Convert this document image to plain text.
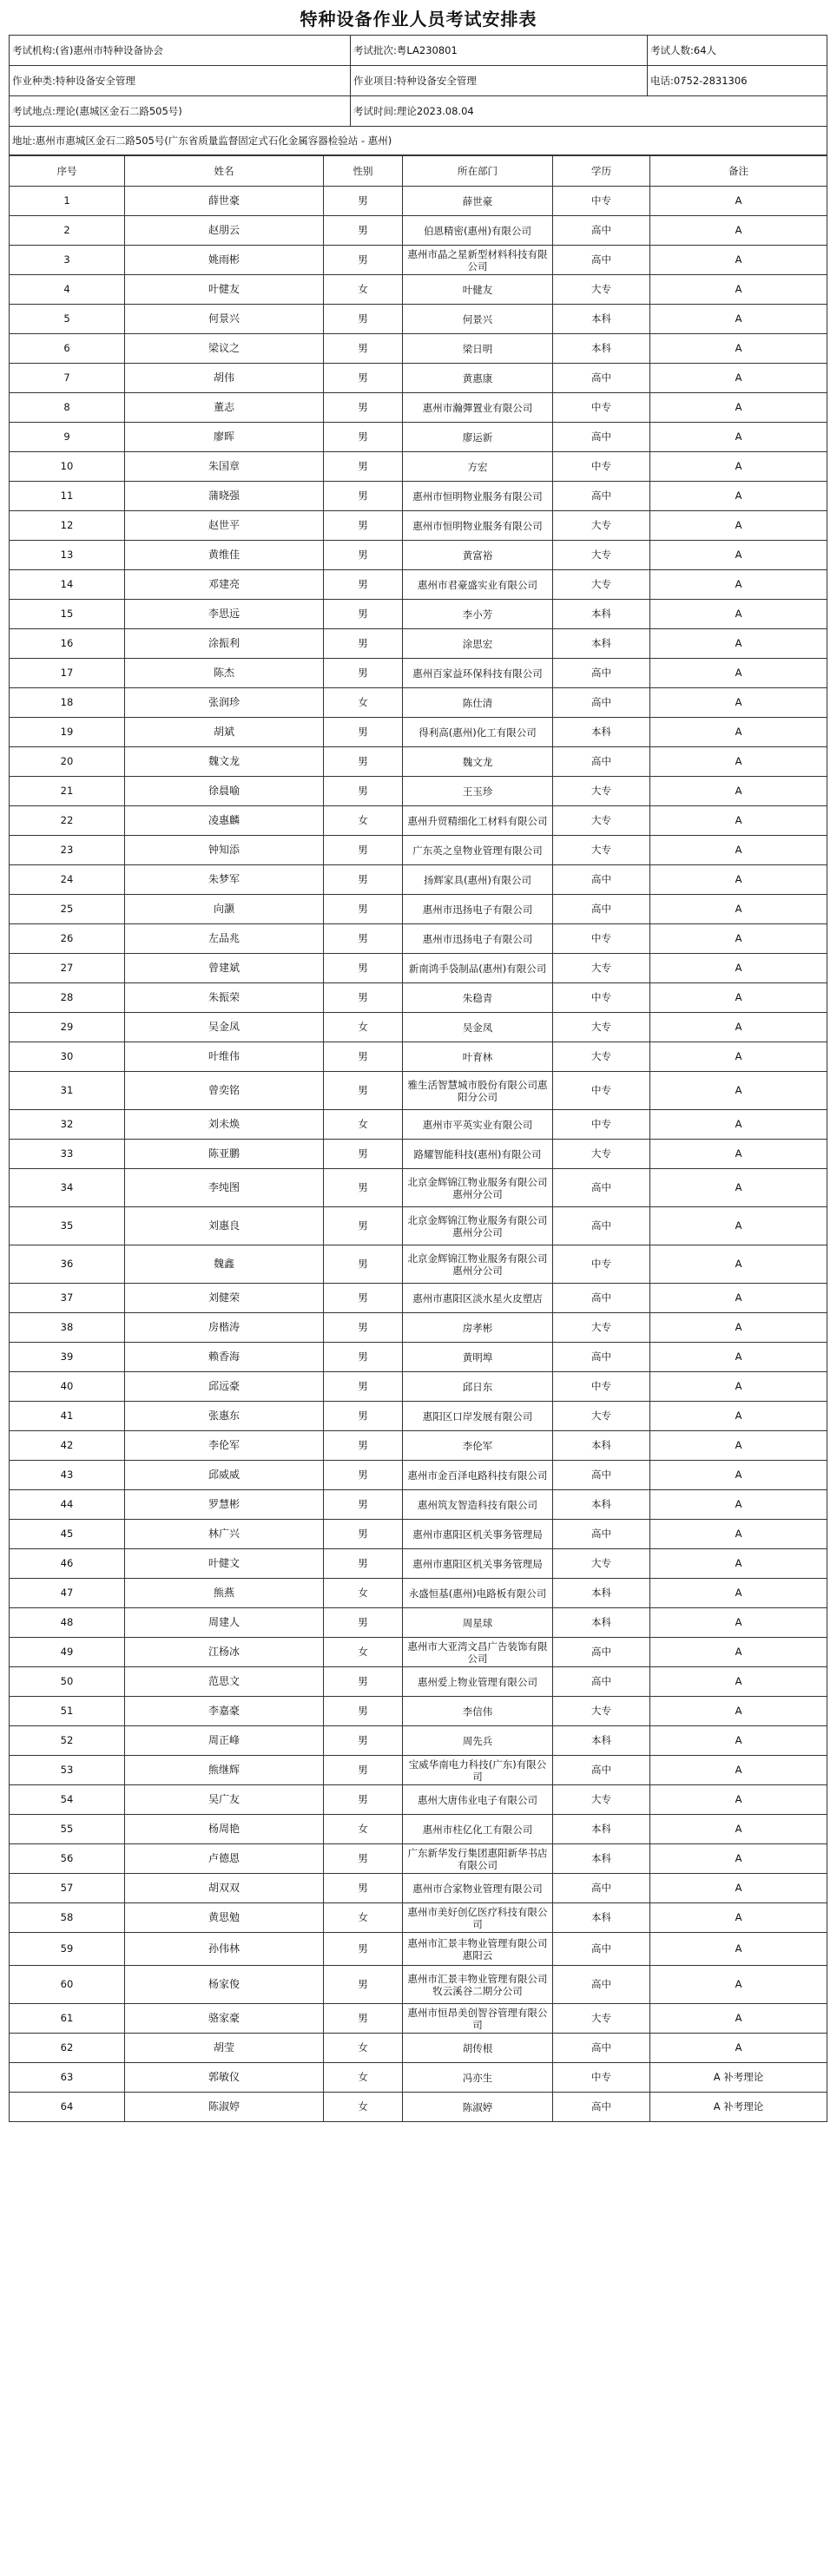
特种设备作业人员考试安排表
考试机构:(省)惠州市特种设备协会	考试批次:粤LA230801	考试人数:64人
作业种类:特种设备安全管理	作业项目:特种设备安全管理	电话:0752-2831306
考试地点:理论(惠城区金石二路505号)	考试时间:理论2023.08.04	
地址:惠州市惠城区金石二路505号(广东省质量监督固定式石化金属容器检验站 - 惠州)		
序号	姓名	性别	所在部门	学历	备注
1	薛世豪	男	薛世豪	中专	A
2	赵朋云	男	伯恩精密(惠州)有限公司	高中	A
3	姚雨彬	男	惠州市晶之星新型材料科技有限公司	高中	A
4	叶健友	女	叶健友	大专	A
5	何景兴	男	何景兴	本科	A
6	梁议之	男	梁日明	本科	A
7	胡伟	男	黄惠康	高中	A
8	董志	男	惠州市瀚彈置业有限公司	中专	A
9	廖晖	男	廖运新	高中	A
10	朱国章	男	方宏	中专	A
11	蒲晓强	男	惠州市恒明物业服务有限公司	高中	A
12	赵世平	男	惠州市恒明物业服务有限公司	大专	A
13	黄维佳	男	黄富裕	大专	A
14	邓建亮	男	惠州市君豪盛实业有限公司	大专	A
15	李思远	男	李小芳	本科	A
16	涂振利	男	涂思宏	本科	A
17	陈杰	男	惠州百家益环保科技有限公司	高中	A
18	张润珍	女	陈仕清	高中	A
19	胡斌	男	得利高(惠州)化工有限公司	本科	A
20	魏文龙	男	魏文龙	高中	A
21	徐晨喻	男	王玉珍	大专	A
22	凌惠麟	女	惠州升贸精细化工材料有限公司	大专	A
23	钟知添	男	广东英之皇物业管理有限公司	大专	A
24	朱梦军	男	扬辉家具(惠州)有限公司	高中	A
25	向灏	男	惠州市迅扬电子有限公司	高中	A
26	左品兆	男	惠州市迅扬电子有限公司	中专	A
27	曾建斌	男	新南鸿手袋制品(惠州)有限公司	大专	A
28	朱振荣	男	朱稳青	中专	A
29	吴金凤	女	吴金凤	大专	A
30	叶维伟	男	叶育林	大专	A
31	曾奕铭	男	雅生活智慧城市股份有限公司惠阳分公司	中专	A
32	刘未焕	女	惠州市平英实业有限公司	中专	A
33	陈亚鹏	男	路耀智能科技(惠州)有限公司	大专	A
34	李纯图	男	北京金辉锦江物业服务有限公司惠州分公司	高中	A
35	刘惠良	男	北京金辉锦江物业服务有限公司惠州分公司	高中	A
36	魏鑫	男	北京金辉锦江物业服务有限公司惠州分公司	中专	A
37	刘健荣	男	惠州市惠阳区淡水星火皮塑店	高中	A
38	房楷涛	男	房孝彬	大专	A
39	赖香海	男	黄明埠	高中	A
40	邱远豪	男	邱日东	中专	A
41	张惠东	男	惠阳区口岸发展有限公司	大专	A
42	李伦军	男	李伦军	本科	A
43	邱威威	男	惠州市金百泽电路科技有限公司	高中	A
44	罗慧彬	男	惠州筑友智造科技有限公司	本科	A
45	林广兴	男	惠州市惠阳区机关事务管理局	高中	A
46	叶健文	男	惠州市惠阳区机关事务管理局	大专	A
47	熊燕	女	永盛恒基(惠州)电路板有限公司	本科	A
48	周建人	男	周星球	本科	A
49	江杨冰	女	惠州市大亚湾文昌广告装饰有限公司	高中	A
50	范思文	男	惠州爱上物业管理有限公司	高中	A
51	李嘉豪	男	李信伟	大专	A
52	周正峰	男	周先兵	本科	A
53	熊继辉	男	宝威华南电力科技(广东)有限公司	高中	A
54	吴广友	男	惠州大唐伟业电子有限公司	大专	A
55	杨周艳	女	惠州市柱亿化工有限公司	本科	A
56	卢德恩	男	广东新华发行集团惠阳新华书店有限公司	本科	A
57	胡双双	男	惠州市合家物业管理有限公司	高中	A
58	黄思勉	女	惠州市美好创亿医疗科技有限公司	本科	A
59	孙伟林	男	惠州市汇景丰物业管理有限公司惠阳云	高中	A
60	杨家俊	男	惠州市汇景丰物业管理有限公司牧云溪谷二期分公司	高中	A
61	骆家豪	男	惠州市恒昂美创智谷管理有限公司	大专	A
62	胡莹	女	胡传根	高中	A
63	郭敏仪	女	冯亦生	中专	A 补考理论
64	陈淑婷	女	陈淑婷	高中	A 补考理论
